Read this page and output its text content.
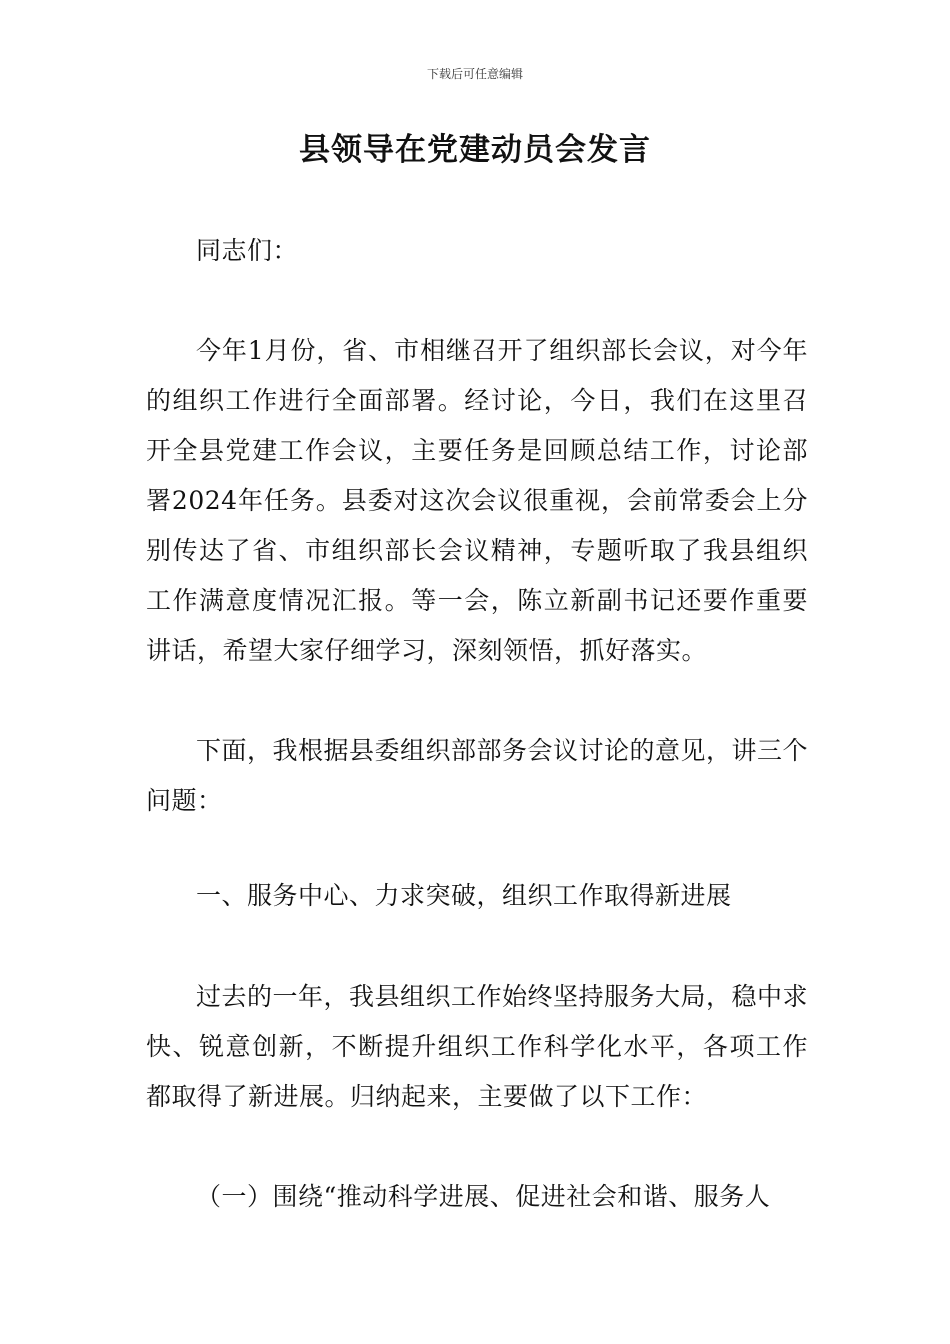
下载后可任意编辑
县领导在党建动员会发言

同志们：

今年1月份，省、市相继召开了组织部长会议，对今年的组织工作进行全面部署。经讨论，今日，我们在这里召开全县党建工作会议，主要任务是回顾总结工作，讨论部署2024年任务。县委对这次会议很重视，会前常委会上分别传达了省、市组织部长会议精神，专题听取了我县组织工作满意度情况汇报。等一会，陈立新副书记还要作重要讲话，希望大家仔细学习，深刻领悟，抓好落实。

下面，我根据县委组织部部务会议讨论的意见，讲三个问题：

一、服务中心、力求突破，组织工作取得新进展

过去的一年，我县组织工作始终坚持服务大局，稳中求快、锐意创新，不断提升组织工作科学化水平，各项工作都取得了新进展。归纳起来，主要做了以下工作：

（一）围绕“推动科学进展、促进社会和谐、服务人
